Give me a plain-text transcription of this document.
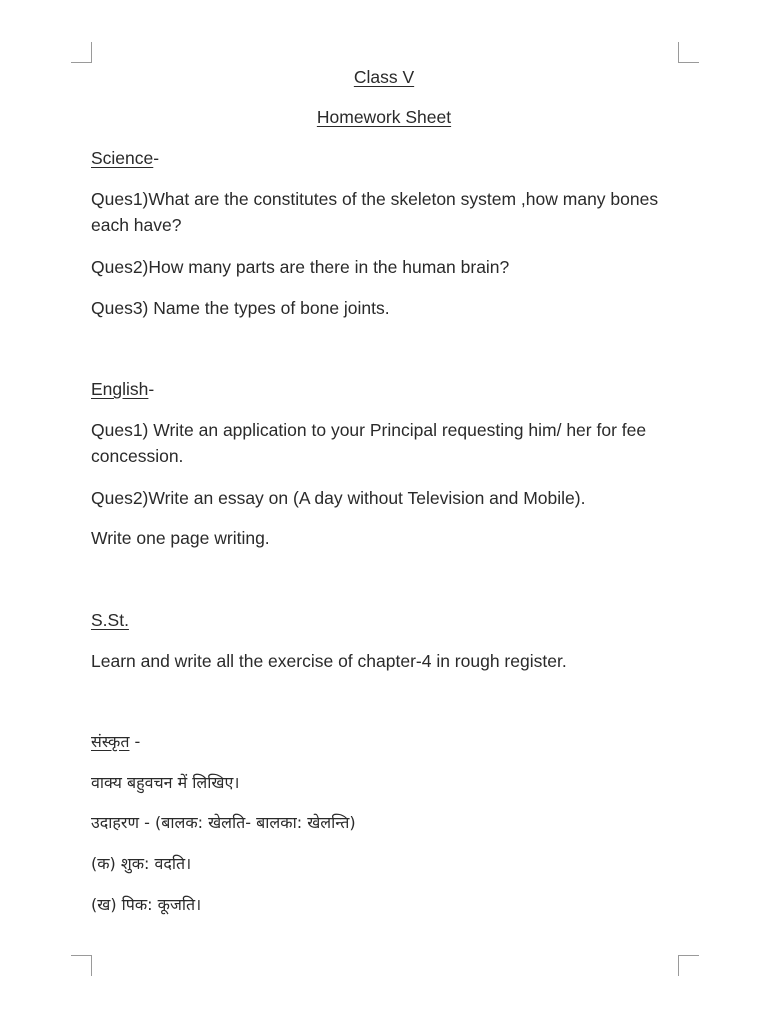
Class V
Homework Sheet
Science-
Ques1)What are the constitutes of the skeleton system ,how many bones each have?
Ques2)How many parts are there in the human brain?
Ques3) Name the types of bone joints.
English-
Ques1) Write an application to your Principal requesting him/ her for fee concession.
Ques2)Write an essay on (A day without Television and Mobile).
Write one page writing.
S.St.
Learn and write all the exercise of chapter-4 in rough register.
संस्कृत -
वाक्य बहुवचन में लिखिए।
उदाहरण - (बालक: खेलति- बालका: खेलन्ति)
(क) शुक: वदति।
(ख) पिक: कूजति।
